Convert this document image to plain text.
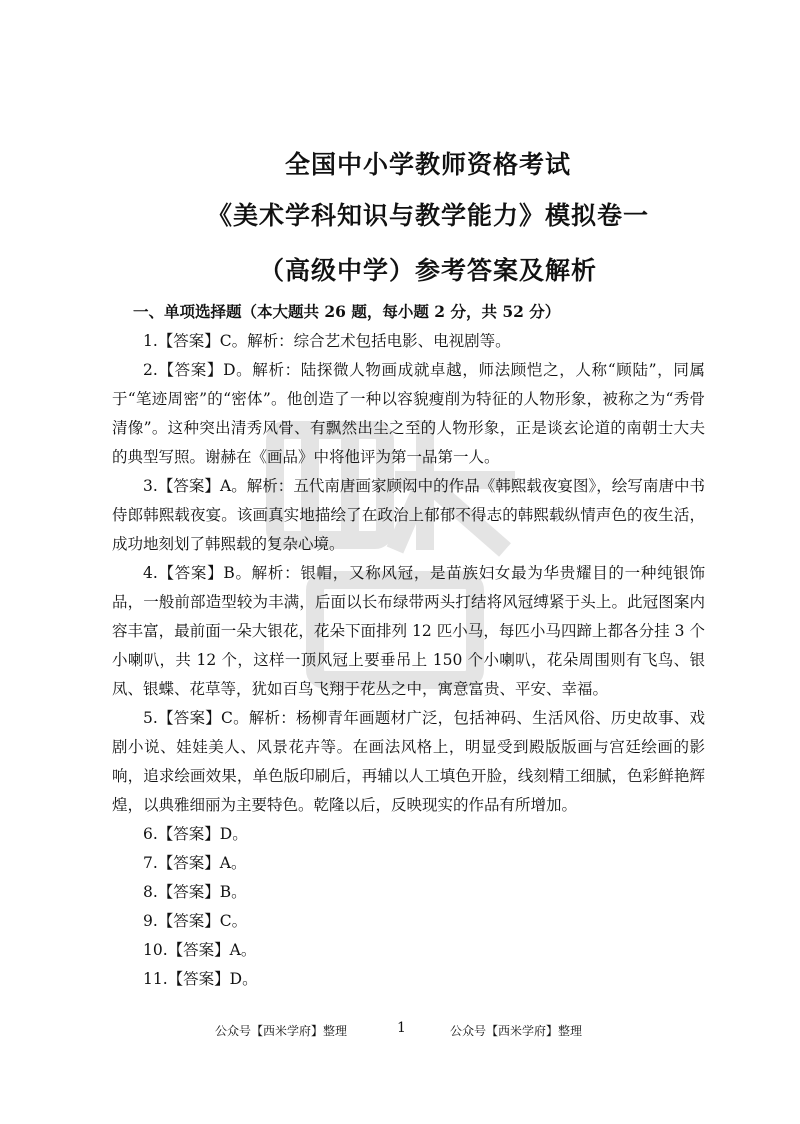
全国中小学教师资格考试
《美术学科知识与教学能力》模拟卷一
（高级中学）参考答案及解析
一、单项选择题（本大题共 26 题，每小题 2 分，共 52 分）

1.【答案】C。解析：综合艺术包括电影、电视剧等。

2.【答案】D。解析：陆探微人物画成就卓越，师法顾恺之，人称“顾陆”，同属于“笔迹周密”的“密体”。他创造了一种以容貌瘦削为特征的人物形象，被称之为“秀骨清像”。这种突出清秀风骨、有飘然出尘之至的人物形象，正是谈玄论道的南朝士大夫的典型写照。谢赫在《画品》中将他评为第一品第一人。

3.【答案】A。解析：五代南唐画家顾闳中的作品《韩熙载夜宴图》，绘写南唐中书侍郎韩熙载夜宴。该画真实地描绘了在政治上郁郁不得志的韩熙载纵情声色的夜生活，成功地刻划了韩熙载的复杂心境。

4.【答案】B。解析：银帽，又称风冠，是苗族妇女最为华贵耀目的一种纯银饰品，一般前部造型较为丰满，后面以长布绿带两头打结将风冠缚紧于头上。此冠图案内容丰富，最前面一朵大银花，花朵下面排列 12 匹小马，每匹小马四蹄上都各分挂 3 个小喇叭，共 12 个，这样一顶风冠上要垂吊上 150 个小喇叭，花朵周围则有飞鸟、银凤、银蝶、花草等，犹如百鸟飞翔于花丛之中，寓意富贵、平安、幸福。

5.【答案】C。解析：杨柳青年画题材广泛，包括神码、生活风俗、历史故事、戏剧小说、娃娃美人、风景花卉等。在画法风格上，明显受到殿版版画与宫廷绘画的影响，追求绘画效果，单色版印刷后，再辅以人工填色开脸，线刻精工细腻，色彩鲜艳辉煌，以典雅细丽为主要特色。乾隆以后，反映现实的作品有所增加。

6.【答案】D。

7.【答案】A。

8.【答案】B。

9.【答案】C。

10.【答案】A。

11.【答案】D。

公众号【西米学府】整理	1	公众号【西米学府】整理
